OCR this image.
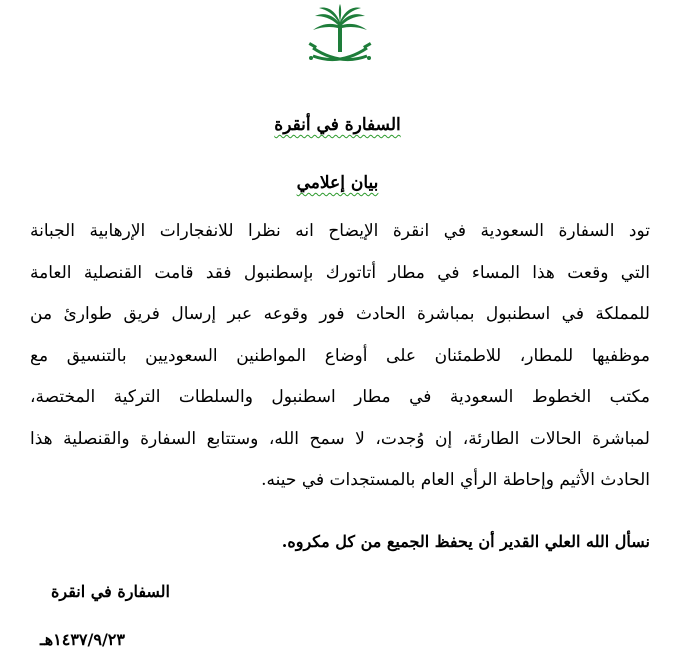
السفارة في أنقرة
بيان إعلامي
تود السفارة السعودية في انقرة الإيضاح انه نظرا للانفجارات الإرهابية الجبانة
التي وقعت هذا المساء في مطار أتاتورك بإسطنبول فقد قامت القنصلية العامة
للمملكة في اسطنبول بمباشرة الحادث فور وقوعه عبر إرسال فريق طوارئ من
موظفيها للمطار، للاطمئنان على أوضاع المواطنين السعوديين بالتنسيق مع
مكتب الخطوط السعودية في مطار اسطنبول والسلطات التركية المختصة،
لمباشرة الحالات الطارئة، إن وُجدت، لا سمح الله، وستتابع السفارة والقنصلية هذا
الحادث الأثيم وإحاطة الرأي العام بالمستجدات في حينه.
نسأل الله العلي القدير أن يحفظ الجميع من كل مكروه.
السفارة في انقرة
١٤٣٧/٩/٢٣هـ
